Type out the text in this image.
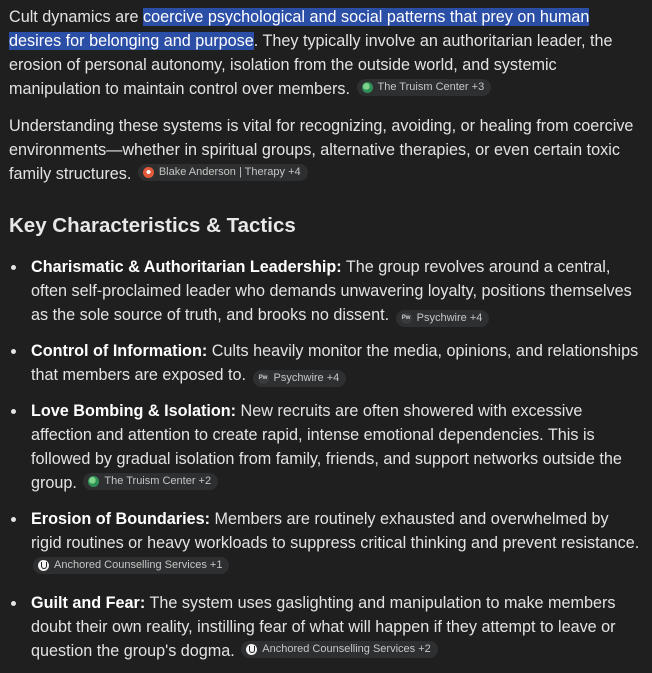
Cult dynamics are coercive psychological and social patterns that prey on human desires for belonging and purpose. They typically involve an authoritarian leader, the erosion of personal autonomy, isolation from the outside world, and systemic manipulation to maintain control over members.	The Truism Center +3

Understanding these systems is vital for recognizing, avoiding, or healing from coercive environments—whether in spiritual groups, alternative therapies, or even certain toxic family structures.	Blake Anderson | Therapy +4

Key Characteristics & Tactics
Charismatic & Authoritarian Leadership: The group revolves around a central, often self-proclaimed leader who demands unwavering loyalty, positions themselves as the sole source of truth, and brooks no dissent. Pw Psychwire +4
Control of Information: Cults heavily monitor the media, opinions, and relationships that members are exposed to. Pw Psychwire +4
Love Bombing & Isolation: New recruits are often showered with excessive affection and attention to create rapid, intense emotional dependencies. This is followed by gradual isolation from family, friends, and support networks outside the group.	The Truism Center +2
Erosion of Boundaries: Members are routinely exhausted and overwhelmed by rigid routines or heavy workloads to suppress critical thinking and prevent resistance.
Anchored Counselling Services +1
Guilt and Fear: The system uses gaslighting and manipulation to make members doubt their own reality, instilling fear of what will happen if they attempt to leave or question the group's dogma.	Anchored Counselling Services +2
